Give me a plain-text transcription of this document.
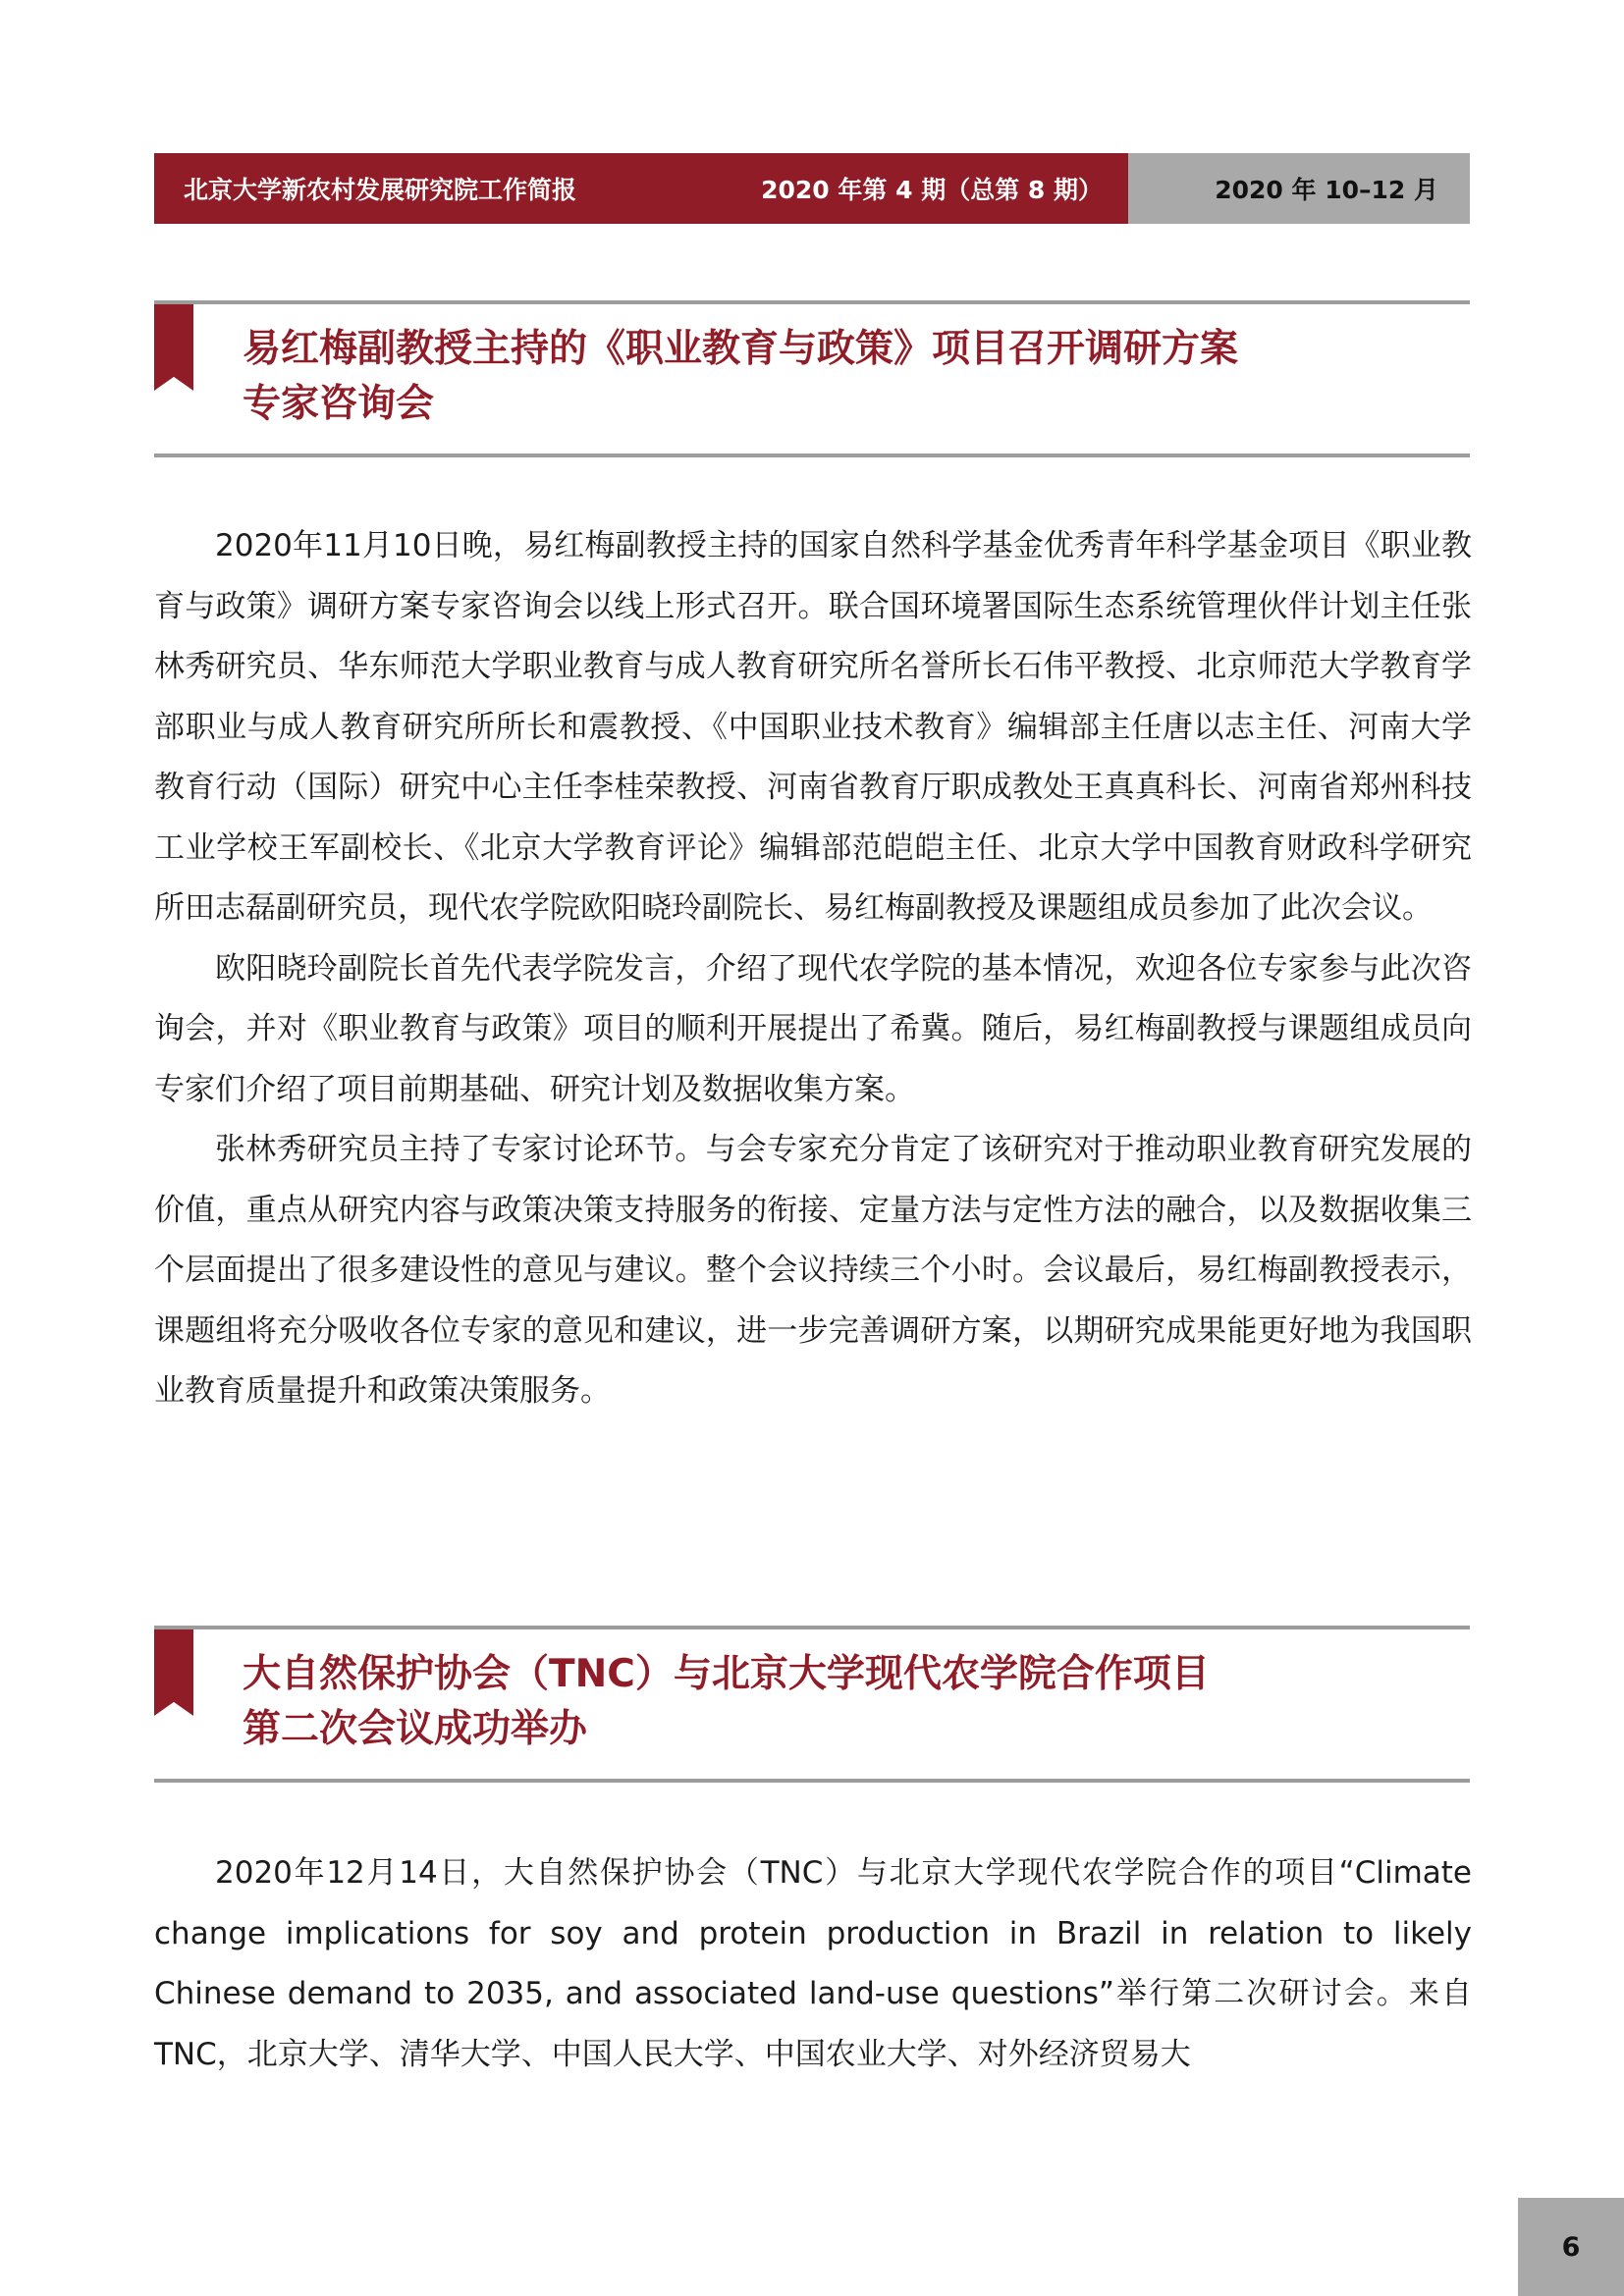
北京大学新农村发展研究院工作简报	2020 年第 4 期（总第 8 期）	2020 年 10–12 月
易红梅副教授主持的《职业教育与政策》项目召开调研方案
专家咨询会

2020年11月10日晚，易红梅副教授主持的国家自然科学基金优秀青年科学基金项目《职业教育与政策》调研方案专家咨询会以线上形式召开。联合国环境署国际生态系统管理伙伴计划主任张林秀研究员、华东师范大学职业教育与成人教育研究所名誉所长石伟平教授、北京师范大学教育学部职业与成人教育研究所所长和震教授、《中国职业技术教育》编辑部主任唐以志主任、河南大学教育行动（国际）研究中心主任李桂荣教授、河南省教育厅职成教处王真真科长、河南省郑州科技工业学校王军副校长、《北京大学教育评论》编辑部范皑皑主任、北京大学中国教育财政科学研究所田志磊副研究员，现代农学院欧阳晓玲副院长、易红梅副教授及课题组成员参加了此次会议。

欧阳晓玲副院长首先代表学院发言，介绍了现代农学院的基本情况，欢迎各位专家参与此次咨询会，并对《职业教育与政策》项目的顺利开展提出了希冀。随后，易红梅副教授与课题组成员向专家们介绍了项目前期基础、研究计划及数据收集方案。

张林秀研究员主持了专家讨论环节。与会专家充分肯定了该研究对于推动职业教育研究发展的价值，重点从研究内容与政策决策支持服务的衔接、定量方法与定性方法的融合，以及数据收集三个层面提出了很多建设性的意见与建议。整个会议持续三个小时。会议最后，易红梅副教授表示，课题组将充分吸收各位专家的意见和建议，进一步完善调研方案，以期研究成果能更好地为我国职业教育质量提升和政策决策服务。

大自然保护协会（TNC）与北京大学现代农学院合作项目
第二次会议成功举办

2020年12月14日，大自然保护协会（TNC）与北京大学现代农学院合作的项目“Climate change implications for soy and protein production in Brazil in relation to likely Chinese demand to 2035, and associated land-use questions”举行第二次研讨会。来自TNC，北京大学、清华大学、中国人民大学、中国农业大学、对外经济贸易大

6
